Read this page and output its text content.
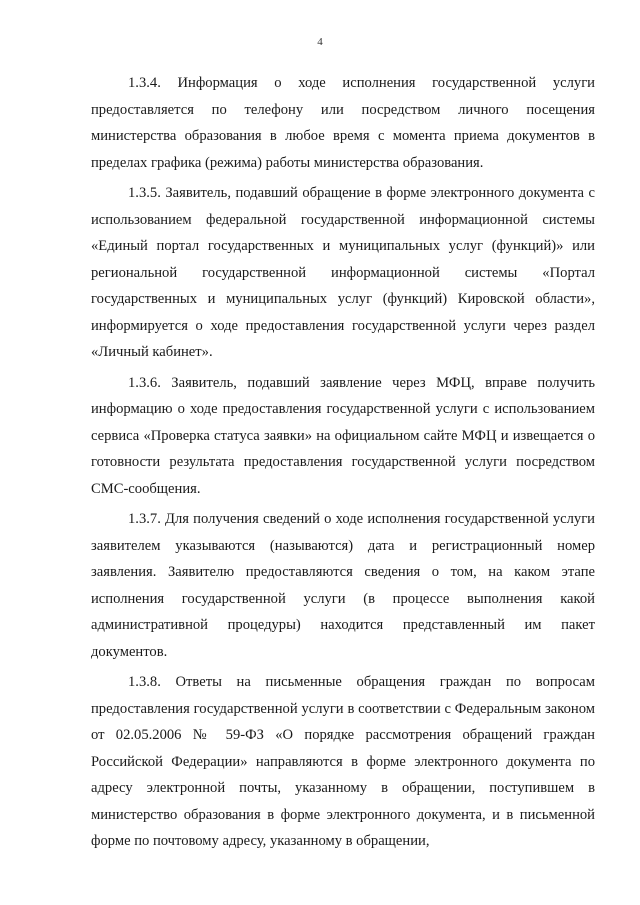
4

1.3.4. Информация о ходе исполнения государственной услуги предоставляется по телефону или посредством личного посещения министерства образования в любое время с момента приема документов в пределах графика (режима) работы министерства образования.

1.3.5. Заявитель, подавший обращение в форме электронного документа с использованием федеральной государственной информационной системы «Единый портал государственных и муниципальных услуг (функций)» или региональной государственной информационной системы «Портал государственных и муниципальных услуг (функций) Кировской области», информируется о ходе предоставления государственной услуги через раздел «Личный кабинет».

1.3.6. Заявитель, подавший заявление через МФЦ, вправе получить информацию о ходе предоставления государственной услуги с использованием сервиса «Проверка статуса заявки» на официальном сайте МФЦ и извещается о готовности результата предоставления государственной услуги посредством СМС-сообщения.

1.3.7. Для получения сведений о ходе исполнения государственной услуги заявителем указываются (называются) дата и регистрационный номер заявления. Заявителю предоставляются сведения о том, на каком этапе исполнения государственной услуги (в процессе выполнения какой административной процедуры) находится представленный им пакет документов.

1.3.8. Ответы на письменные обращения граждан по вопросам предоставления государственной услуги в соответствии с Федеральным законом от 02.05.2006 № 59-ФЗ «О порядке рассмотрения обращений граждан Российской Федерации» направляются в форме электронного документа по адресу электронной почты, указанному в обращении, поступившем в министерство образования в форме электронного документа, и в письменной форме по почтовому адресу, указанному в обращении,
